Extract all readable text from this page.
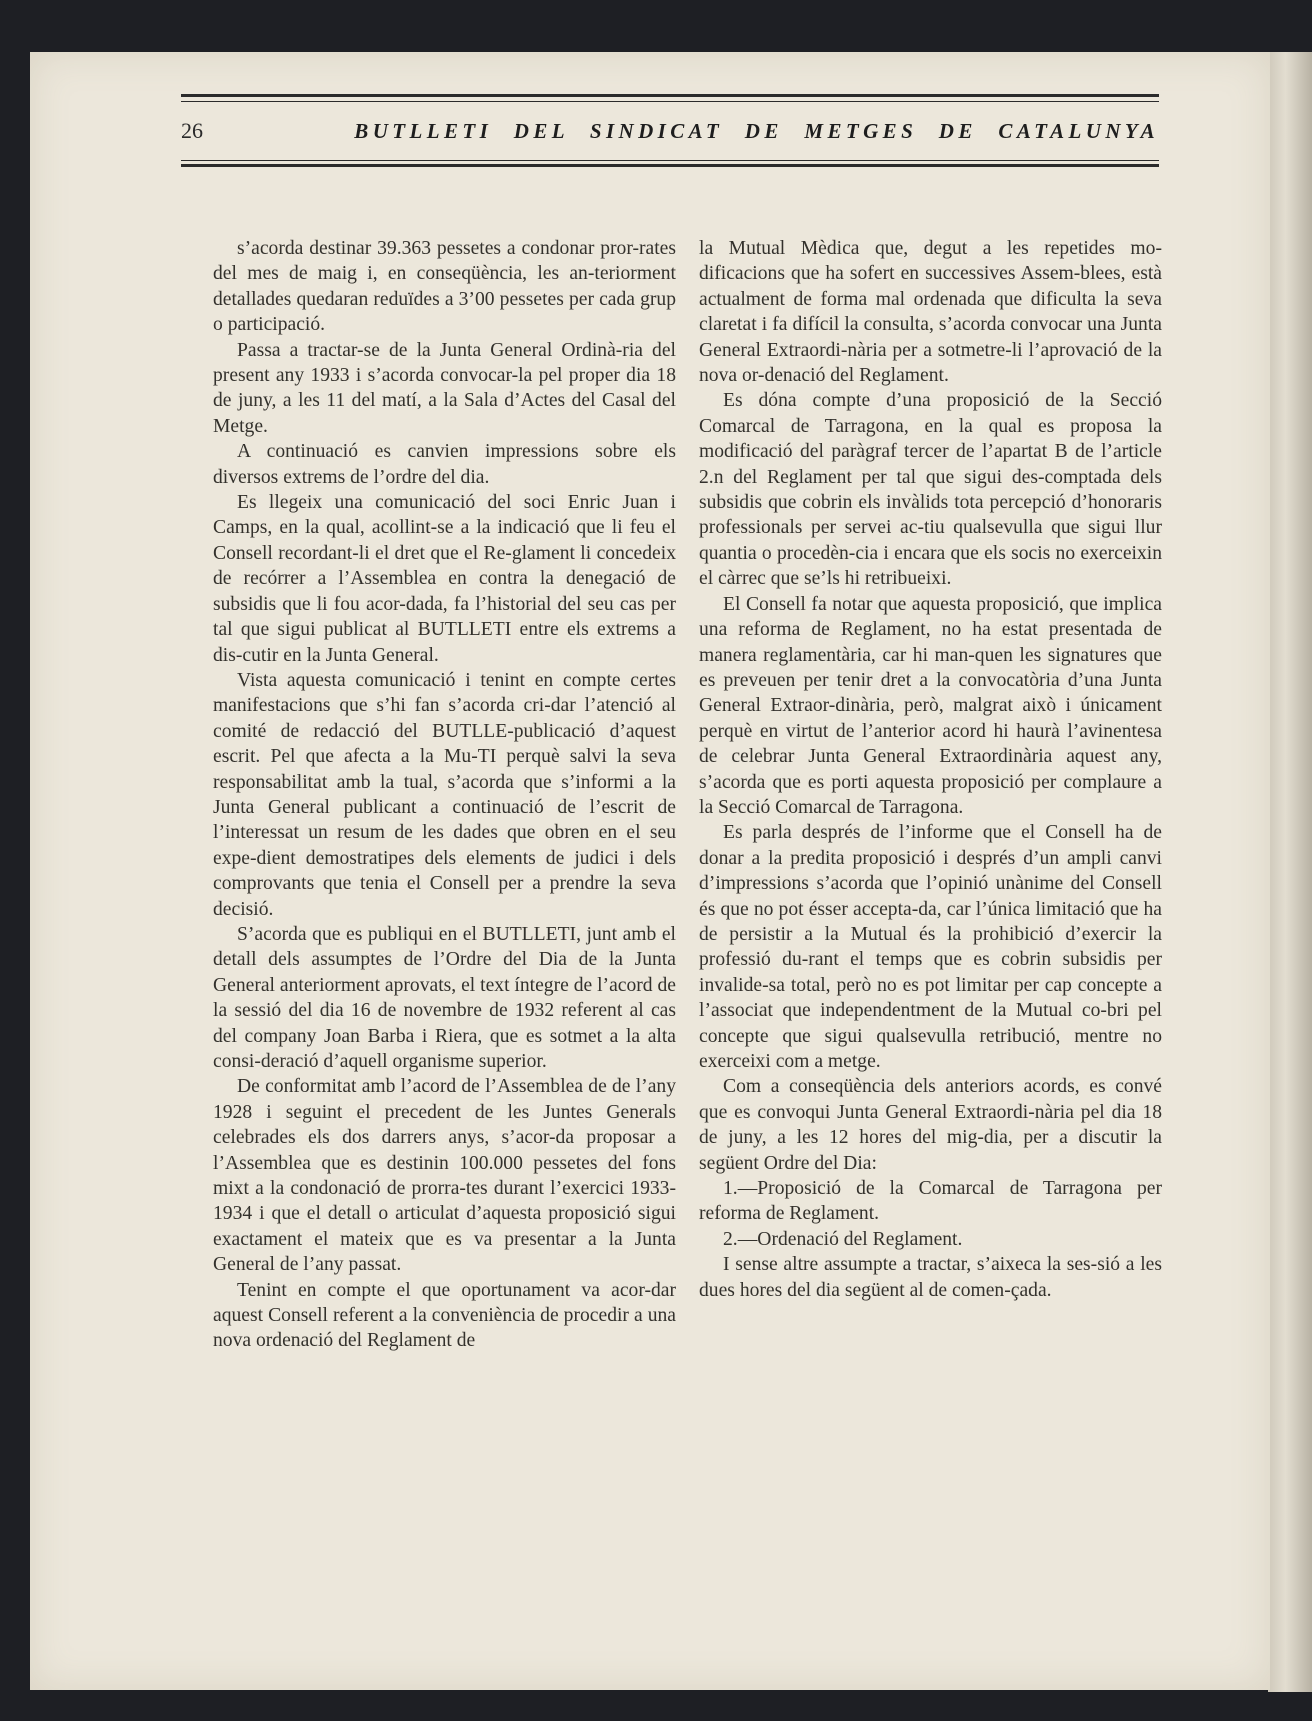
26	BUTLLETI DEL SINDICAT DE METGES DE CATALUNYA

s’acorda destinar 39.363 pessetes a condonar pror-rates del mes de maig i, en conseqüència, les an-teriorment detallades quedaran reduïdes a 3’00 pessetes per cada grup o participació.

Passa a tractar-se de la Junta General Ordinà-ria del present any 1933 i s’acorda convocar-la pel proper dia 18 de juny, a les 11 del matí, a la Sala d’Actes del Casal del Metge.

A continuació es canvien impressions sobre els diversos extrems de l’ordre del dia.

Es llegeix una comunicació del soci Enric Juan i Camps, en la qual, acollint-se a la indicació que li feu el Consell recordant-li el dret que el Re-glament li concedeix de recórrer a l’Assemblea en contra la denegació de subsidis que li fou acor-dada, fa l’historial del seu cas per tal que sigui publicat al BUTLLETI entre els extrems a dis-cutir en la Junta General.

Vista aquesta comunicació i tenint en compte certes manifestacions que s’hi fan s’acorda cri-dar l’atenció al comité de redacció del BUTLLE-publicació d’aquest escrit. Pel que afecta a la Mu-TI perquè salvi la seva responsabilitat amb la tual, s’acorda que s’informi a la Junta General publicant a continuació de l’escrit de l’interessat un resum de les dades que obren en el seu expe-dient demostratipes dels elements de judici i dels comprovants que tenia el Consell per a prendre la seva decisió.

S’acorda que es publiqui en el BUTLLETI, junt amb el detall dels assumptes de l’Ordre del Dia de la Junta General anteriorment aprovats, el text íntegre de l’acord de la sessió del dia 16 de novembre de 1932 referent al cas del company Joan Barba i Riera, que es sotmet a la alta consi-deració d’aquell organisme superior.

De conformitat amb l’acord de l’Assemblea de de l’any 1928 i seguint el precedent de les Juntes Generals celebrades els dos darrers anys, s’acor-da proposar a l’Assemblea que es destinin 100.000 pessetes del fons mixt a la condonació de prorra-tes durant l’exercici 1933-1934 i que el detall o articulat d’aquesta proposició sigui exactament el mateix que es va presentar a la Junta General de l’any passat.

Tenint en compte el que oportunament va acor-dar aquest Consell referent a la conveniència de procedir a una nova ordenació del Reglament de

la Mutual Mèdica que, degut a les repetides mo-dificacions que ha sofert en successives Assem-blees, està actualment de forma mal ordenada que dificulta la seva claretat i fa difícil la consulta, s’acorda convocar una Junta General Extraordi-nària per a sotmetre-li l’aprovació de la nova or-denació del Reglament.

Es dóna compte d’una proposició de la Secció Comarcal de Tarragona, en la qual es proposa la modificació del paràgraf tercer de l’apartat B de l’article 2.n del Reglament per tal que sigui des-comptada dels subsidis que cobrin els invàlids tota percepció d’honoraris professionals per servei ac-tiu qualsevulla que sigui llur quantia o procedèn-cia i encara que els socis no exerceixin el càrrec que se’ls hi retribueixi.

El Consell fa notar que aquesta proposició, que implica una reforma de Reglament, no ha estat presentada de manera reglamentària, car hi man-quen les signatures que es preveuen per tenir dret a la convocatòria d’una Junta General Extraor-dinària, però, malgrat això i únicament perquè en virtut de l’anterior acord hi haurà l’avinentesa de celebrar Junta General Extraordinària aquest any, s’acorda que es porti aquesta proposició per complaure a la Secció Comarcal de Tarragona.

Es parla després de l’informe que el Consell ha de donar a la predita proposició i després d’un ampli canvi d’impressions s’acorda que l’opinió unànime del Consell és que no pot ésser accepta-da, car l’única limitació que ha de persistir a la Mutual és la prohibició d’exercir la professió du-rant el temps que es cobrin subsidis per invalide-sa total, però no es pot limitar per cap concepte a l’associat que independentment de la Mutual co-bri pel concepte que sigui qualsevulla retribució, mentre no exerceixi com a metge.

Com a conseqüència dels anteriors acords, es convé que es convoqui Junta General Extraordi-nària pel dia 18 de juny, a les 12 hores del mig-dia, per a discutir la següent Ordre del Dia:

1.—Proposició de la Comarcal de Tarragona per reforma de Reglament.

2.—Ordenació del Reglament.

I sense altre assumpte a tractar, s’aixeca la ses-sió a les dues hores del dia següent al de comen-çada.
